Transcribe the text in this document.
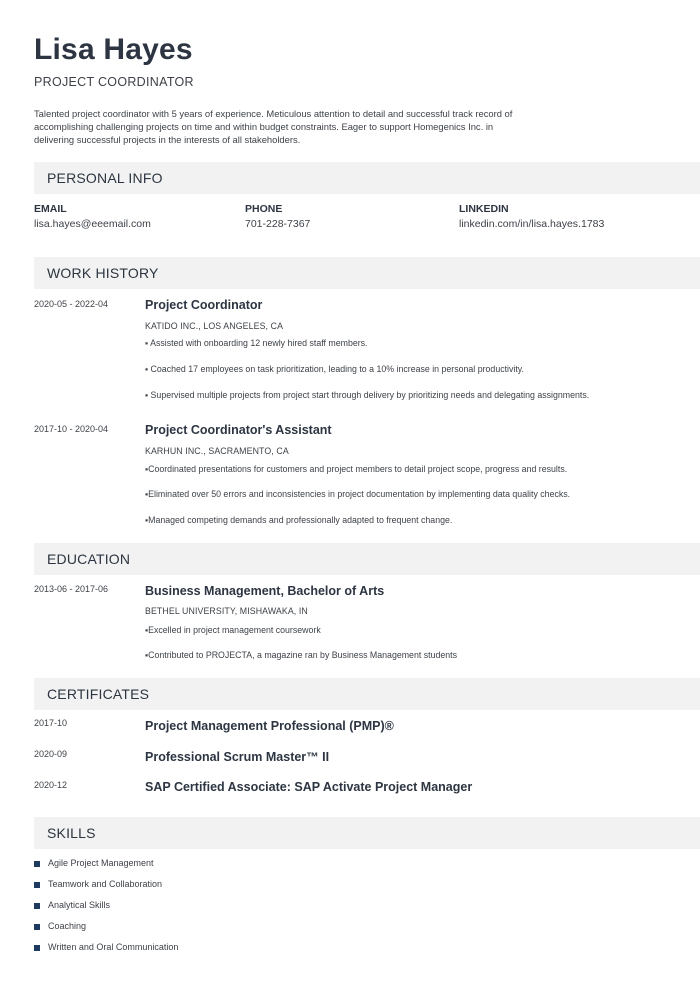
Lisa Hayes
PROJECT COORDINATOR
Talented project coordinator with 5 years of experience. Meticulous attention to detail and successful track record of accomplishing challenging projects on time and within budget constraints. Eager to support Homegenics Inc. in delivering successful projects in the interests of all stakeholders.
PERSONAL INFO
EMAIL
lisa.hayes@eeemail.com
PHONE
701-228-7367
LINKEDIN
linkedin.com/in/lisa.hayes.1783
WORK HISTORY
2020-05 - 2022-04	Project Coordinator
KATIDO INC., LOS ANGELES, CA
▪ Assisted with onboarding 12 newly hired staff members.
▪ Coached 17 employees on task prioritization, leading to a 10% increase in personal productivity.
▪ Supervised multiple projects from project start through delivery by prioritizing needs and delegating assignments.
2017-10 - 2020-04	Project Coordinator's Assistant
KARHUN INC., SACRAMENTO, CA
▪Coordinated presentations for customers and project members to detail project scope, progress and results.
▪Eliminated over 50 errors and inconsistencies in project documentation by implementing data quality checks.
▪Managed competing demands and professionally adapted to frequent change.
EDUCATION
2013-06 - 2017-06	Business Management, Bachelor of Arts
BETHEL UNIVERSITY, MISHAWAKA, IN
▪Excelled in project management coursework
▪Contributed to PROJECTA, a magazine ran by Business Management students
CERTIFICATES
2017-10	Project Management Professional (PMP)®
2020-09	Professional Scrum Master™ II
2020-12	SAP Certified Associate: SAP Activate Project Manager
SKILLS
Agile Project Management
Teamwork and Collaboration
Analytical Skills
Coaching
Written and Oral Communication
